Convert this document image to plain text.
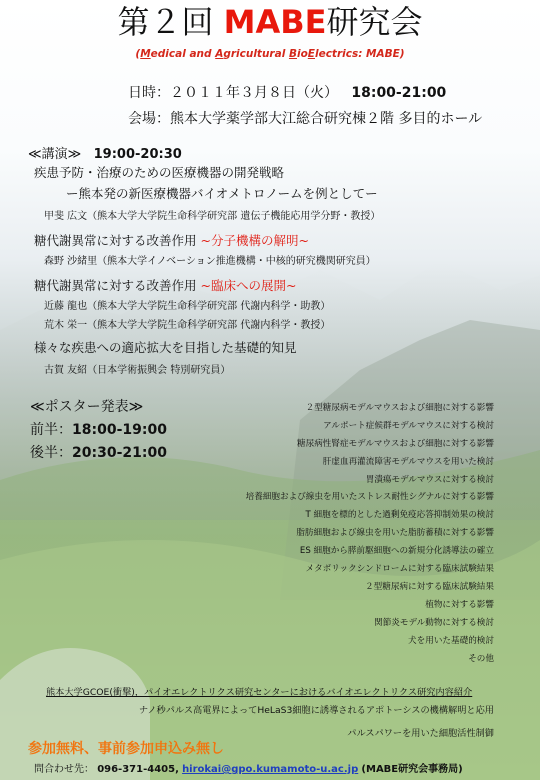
第２回 MABE研究会
(Medical and Agricultural BioElectrics: MABE)
日時：２０１１年３月８日（火） 18:00-21:00
会場：熊本大学薬学部大江総合研究棟２階 多目的ホール
≪講演≫ 19:00-20:30
疾患予防・治療のための医療機器の開発戦略
ー熊本発の新医療機器バイオメトロノームを例としてー
甲斐 広文（熊本大学大学院生命科学研究部 遺伝子機能応用学分野・教授）
糖代謝異常に対する改善作用 ~分子機構の解明~
森野 沙緒里（熊本大学イノベーション推進機構・中核的研究機関研究員）
糖代謝異常に対する改善作用 ~臨床への展開~
近藤 龍也（熊本大学大学院生命科学研究部 代謝内科学・助教）
荒木 栄一（熊本大学大学院生命科学研究部 代謝内科学・教授）
様々な疾患への適応拡大を目指した基礎的知見
古賀 友紹（日本学術振興会 特別研究員）
≪ポスター発表≫
前半：18:00-19:00
後半：20:30-21:00
２型糖尿病モデルマウスおよび細胞に対する影響
アルポート症候群モデルマウスに対する検討
糖尿病性腎症モデルマウスおよび細胞に対する影響
肝虚血再灌流障害モデルマウスを用いた検討
胃潰瘍モデルマウスに対する検討
培養細胞および線虫を用いたストレス耐性シグナルに対する影響
T 細胞を標的とした過剰免疫応答抑制効果の検討
脂肪細胞および線虫を用いた脂肪蓄積に対する影響
ES 細胞から膵前駆細胞への新規分化誘導法の確立
メタボリックシンドロームに対する臨床試験結果
２型糖尿病に対する臨床試験結果
植物に対する影響
関節炎モデル動物に対する検討
犬を用いた基礎的検討
その他
熊本大学GCOE(衝撃)，パイオエレクトリクス研究センターにおけるバイオエレクトリクス研究内容紹介
ナノ秒パルス高電界によってHeLaS3細胞に誘導されるアポトーシスの機構解明と応用
パルスパワーを用いた細胞活性制御
参加無料、事前参加申込み無し
問合わせ先： 096-371-4405, hirokai@gpo.kumamoto-u.ac.jp (MABE研究会事務局)
